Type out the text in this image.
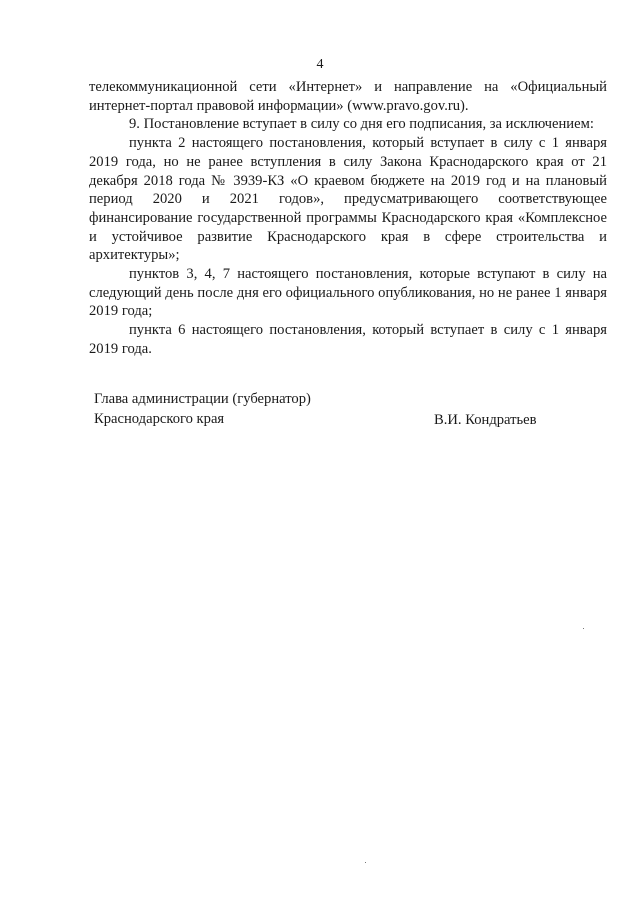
4

телекоммуникационной сети «Интернет» и направление на «Официальный интернет-портал правовой информации» (www.pravo.gov.ru).

9. Постановление вступает в силу со дня его подписания, за исключением:

пункта 2 настоящего постановления, который вступает в силу с 1 января 2019 года, но не ранее вступления в силу Закона Краснодарского края от 21 декабря 2018 года № 3939-КЗ «О краевом бюджете на 2019 год и на плановый период 2020 и 2021 годов», предусматривающего соответствующее финансирование государственной программы Краснодарского края «Комплексное и устойчивое развитие Краснодарского края в сфере строительства и архитектуры»;

пунктов 3, 4, 7 настоящего постановления, которые вступают в силу на следующий день после дня его официального опубликования, но не ранее 1 января 2019 года;

пункта 6 настоящего постановления, который вступает в силу с 1 января 2019 года.

Глава администрации (губернатор)
Краснодарского края	В.И. Кондратьев
